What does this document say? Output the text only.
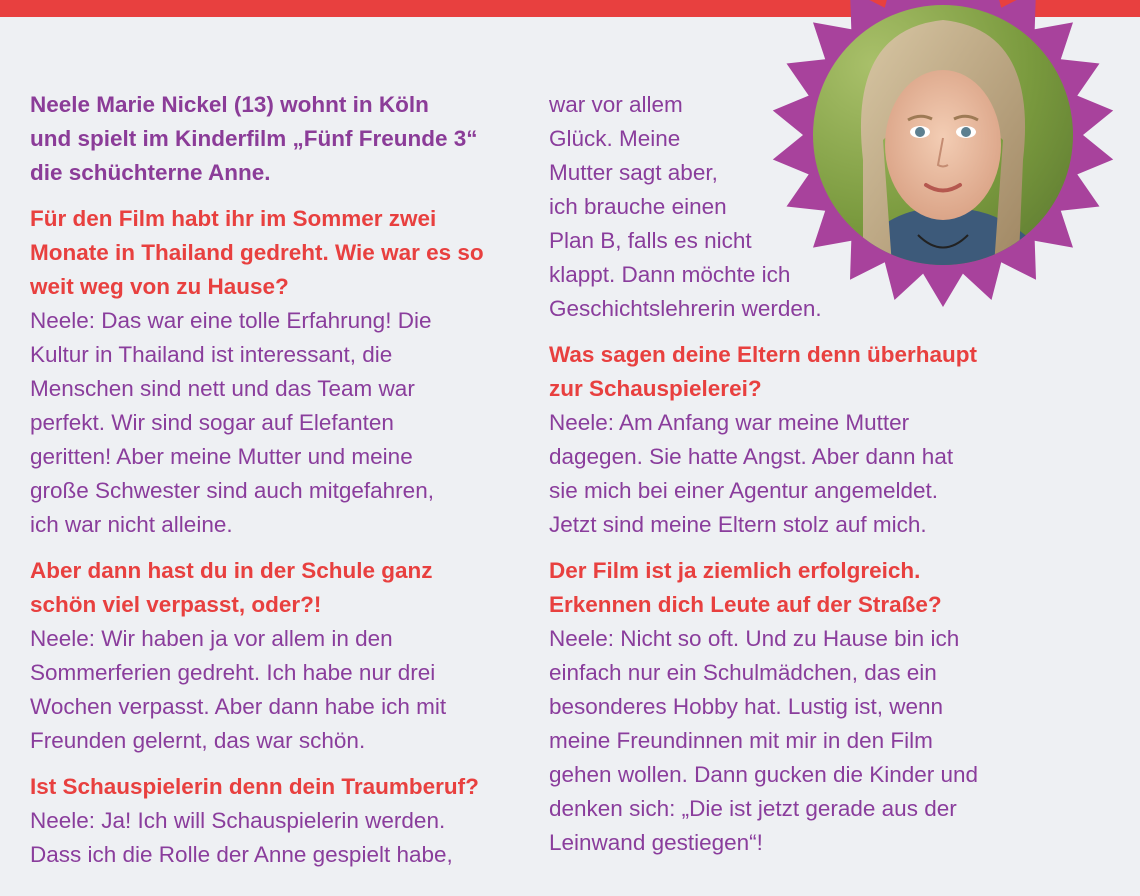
Neele Marie Nickel (13) wohnt in Köln
und spielt im Kinderfilm „Fünf Freunde 3“
die schüchterne Anne.

Für den Film habt ihr im Sommer zwei
Monate in Thailand gedreht. Wie war es so
weit weg von zu Hause?

Neele: Das war eine tolle Erfahrung! Die
Kultur in Thailand ist interessant, die
Menschen sind nett und das Team war
perfekt. Wir sind sogar auf Elefanten
geritten! Aber meine Mutter und meine
große Schwester sind auch mitgefahren,
ich war nicht alleine.

Aber dann hast du in der Schule ganz
schön viel verpasst, oder?!

Neele: Wir haben ja vor allem in den
Sommerferien gedreht. Ich habe nur drei
Wochen verpasst. Aber dann habe ich mit
Freunden gelernt, das war schön.

Ist Schauspielerin denn dein Traumberuf?

Neele: Ja! Ich will Schauspielerin werden.
Dass ich die Rolle der Anne gespielt habe,

war vor allem
Glück. Meine
Mutter sagt aber,
ich brauche einen
Plan B, falls es nicht
klappt. Dann möchte ich
Geschichtslehrerin werden.

Was sagen deine Eltern denn überhaupt
zur Schauspielerei?

Neele: Am Anfang war meine Mutter
dagegen. Sie hatte Angst. Aber dann hat
sie mich bei einer Agentur angemeldet.
Jetzt sind meine Eltern stolz auf mich.

Der Film ist ja ziemlich erfolgreich.
Erkennen dich Leute auf der Straße?

Neele: Nicht so oft. Und zu Hause bin ich
einfach nur ein Schulmädchen, das ein
besonderes Hobby hat. Lustig ist, wenn
meine Freundinnen mit mir in den Film
gehen wollen. Dann gucken die Kinder und
denken sich: „Die ist jetzt gerade aus der
Leinwand gestiegen“!
